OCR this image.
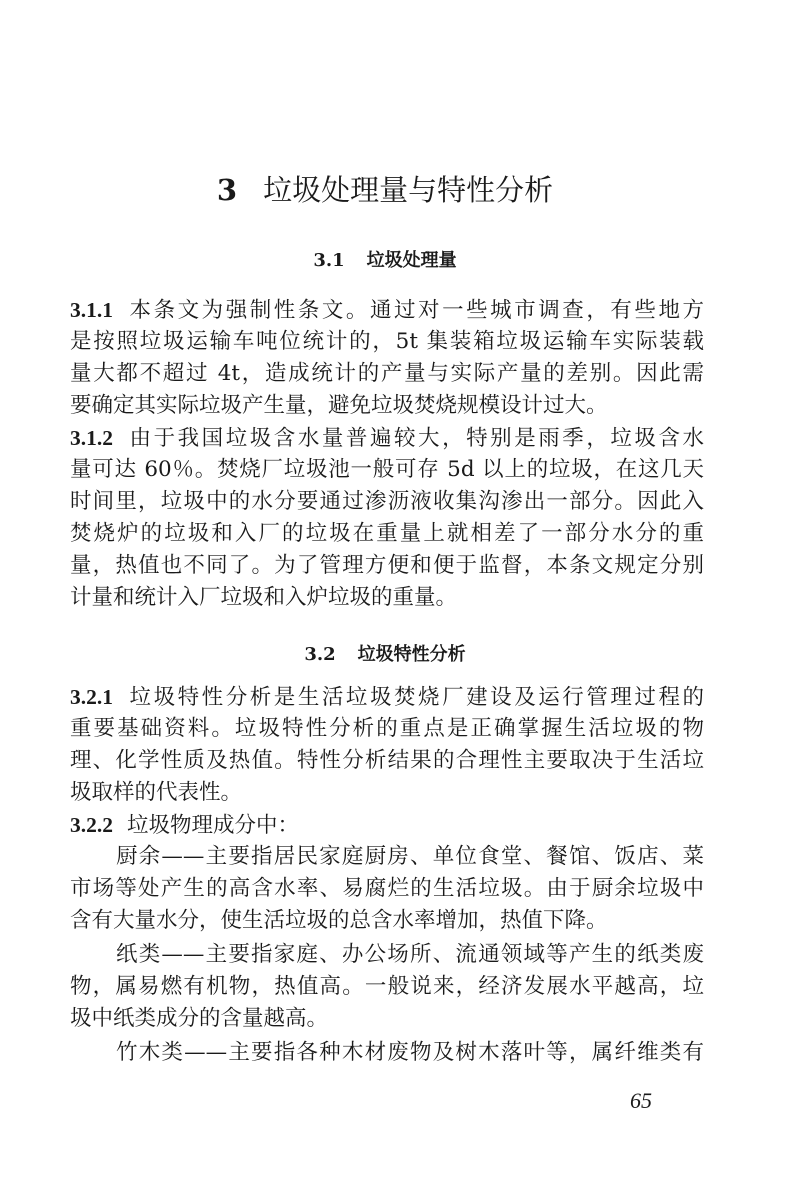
3 垃圾处理量与特性分析
3.1 垃圾处理量
3.1.1 本条文为强制性条文。通过对一些城市调查，有些地方
是按照垃圾运输车吨位统计的，5t 集装箱垃圾运输车实际装载
量大都不超过 4t，造成统计的产量与实际产量的差别。因此需
要确定其实际垃圾产生量，避免垃圾焚烧规模设计过大。
3.1.2 由于我国垃圾含水量普遍较大，特别是雨季，垃圾含水
量可达 60％。焚烧厂垃圾池一般可存 5d 以上的垃圾，在这几天
时间里，垃圾中的水分要通过渗沥液收集沟渗出一部分。因此入
焚烧炉的垃圾和入厂的垃圾在重量上就相差了一部分水分的重
量，热值也不同了。为了管理方便和便于监督，本条文规定分别
计量和统计入厂垃圾和入炉垃圾的重量。
3.2 垃圾特性分析
3.2.1 垃圾特性分析是生活垃圾焚烧厂建设及运行管理过程的
重要基础资料。垃圾特性分析的重点是正确掌握生活垃圾的物
理、化学性质及热值。特性分析结果的合理性主要取决于生活垃
圾取样的代表性。
3.2.2 垃圾物理成分中：
厨余——主要指居民家庭厨房、单位食堂、餐馆、饭店、菜
市场等处产生的高含水率、易腐烂的生活垃圾。由于厨余垃圾中
含有大量水分，使生活垃圾的总含水率增加，热值下降。
纸类——主要指家庭、办公场所、流通领域等产生的纸类废
物，属易燃有机物，热值高。一般说来，经济发展水平越高，垃
圾中纸类成分的含量越高。
竹木类——主要指各种木材废物及树木落叶等，属纤维类有
65
